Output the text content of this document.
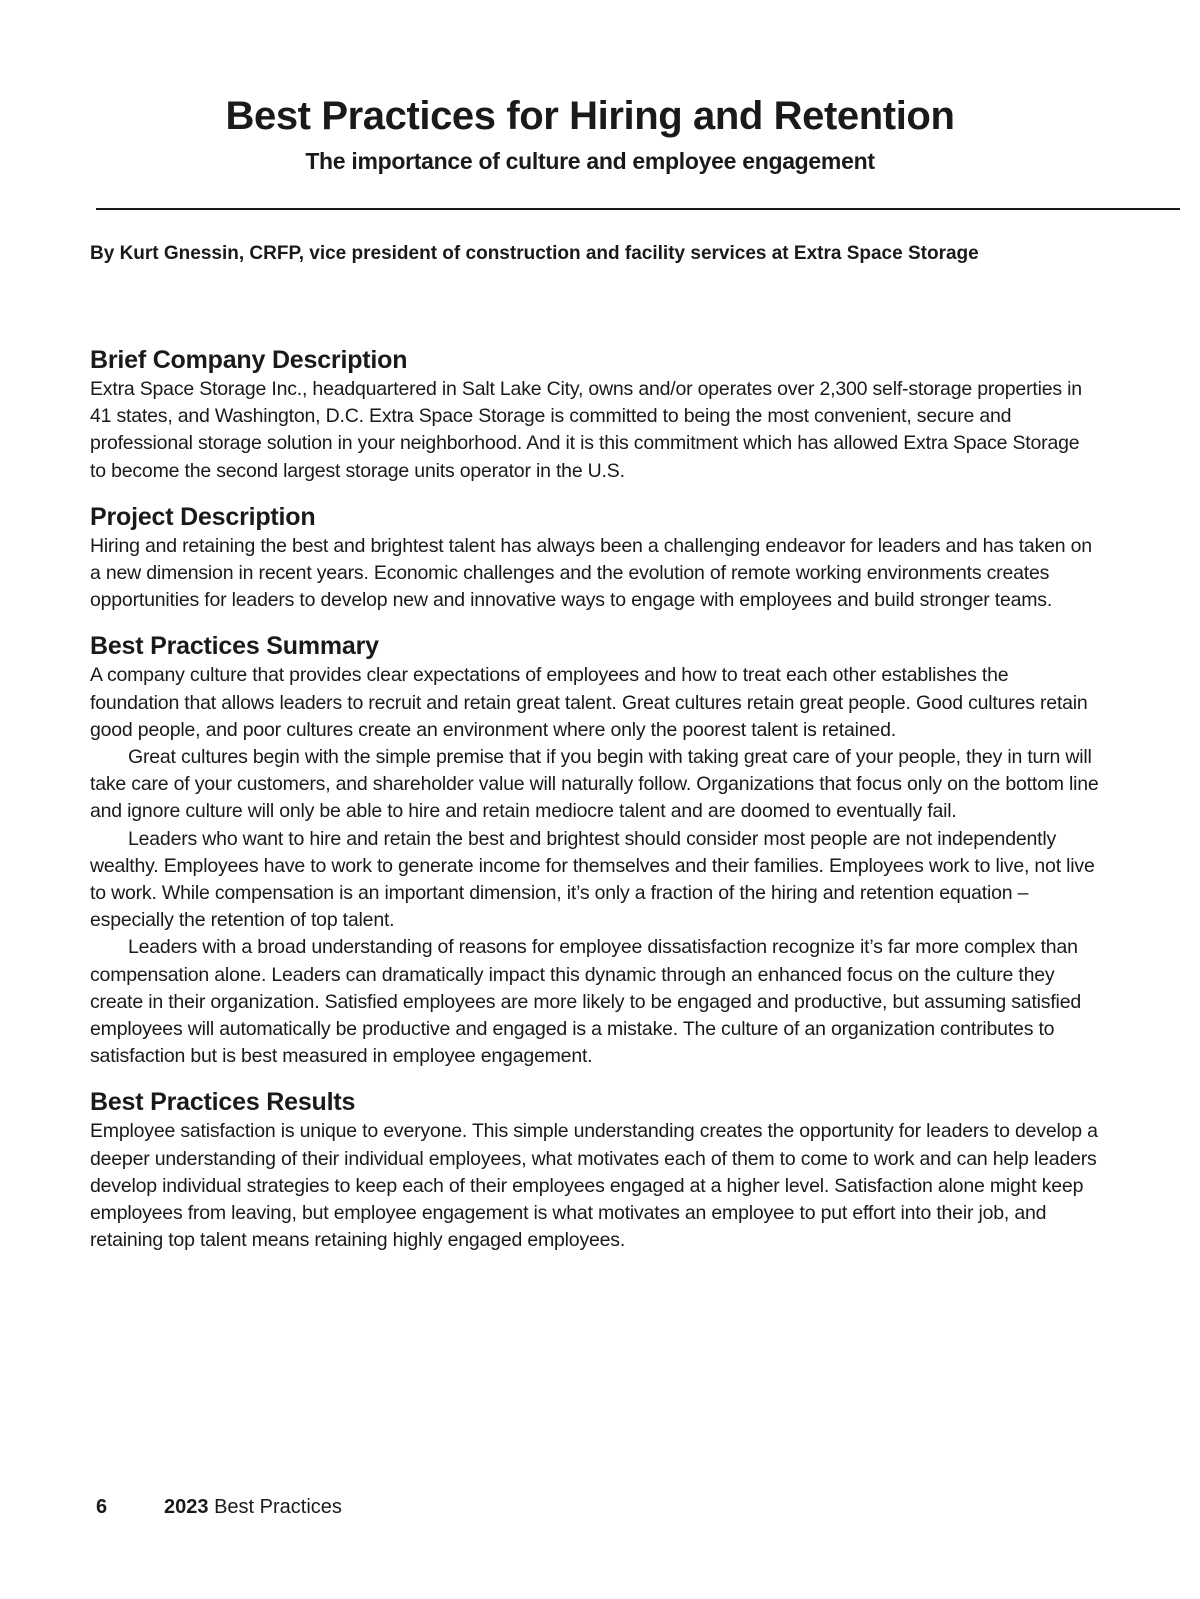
Best Practices for Hiring and Retention
The importance of culture and employee engagement

By Kurt Gnessin, CRFP, vice president of construction and facility services at Extra Space Storage

Brief Company Description

Extra Space Storage Inc., headquartered in Salt Lake City, owns and/or operates over 2,300 self-storage properties in 41 states, and Washington, D.C. Extra Space Storage is committed to being the most convenient, secure and professional storage solution in your neighborhood. And it is this commitment which has allowed Extra Space Storage to become the second largest storage units operator in the U.S.

Project Description

Hiring and retaining the best and brightest talent has always been a challenging endeavor for leaders and has taken on a new dimension in recent years. Economic challenges and the evolution of remote working environments creates opportunities for leaders to develop new and innovative ways to engage with employees and build stronger teams.

Best Practices Summary

A company culture that provides clear expectations of employees and how to treat each other establishes the foundation that allows leaders to recruit and retain great talent. Great cultures retain great people. Good cultures retain good people, and poor cultures create an environment where only the poorest talent is retained.

Great cultures begin with the simple premise that if you begin with taking great care of your people, they in turn will take care of your customers, and shareholder value will naturally follow. Organizations that focus only on the bottom line and ignore culture will only be able to hire and retain mediocre talent and are doomed to eventually fail.

Leaders who want to hire and retain the best and brightest should consider most people are not independently wealthy. Employees have to work to generate income for themselves and their families. Employees work to live, not live to work. While compensation is an important dimension, it’s only a fraction of the hiring and retention equation – especially the retention of top talent.

Leaders with a broad understanding of reasons for employee dissatisfaction recognize it’s far more complex than compensation alone. Leaders can dramatically impact this dynamic through an enhanced focus on the culture they create in their organization. Satisfied employees are more likely to be engaged and productive, but assuming satisfied employees will automatically be productive and engaged is a mistake. The culture of an organization contributes to satisfaction but is best measured in employee engagement.

Best Practices Results

Employee satisfaction is unique to everyone. This simple understanding creates the opportunity for leaders to develop a deeper understanding of their individual employees, what motivates each of them to come to work and can help leaders develop individual strategies to keep each of their employees engaged at a higher level. Satisfaction alone might keep employees from leaving, but employee engagement is what motivates an employee to put effort into their job, and retaining top talent means retaining highly engaged employees.

6	2023 Best Practices
